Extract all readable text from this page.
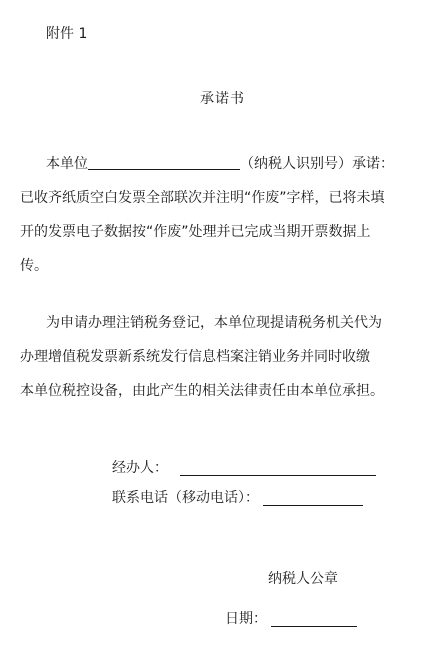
附件 1
承诺书
本单位	（纳税人识别号）承诺：
已收齐纸质空白发票全部联次并注明“作废”字样，已将未填
开的发票电子数据按“作废”处理并已完成当期开票数据上
传。
为申请办理注销税务登记，本单位现提请税务机关代为
办理增值税发票新系统发行信息档案注销业务并同时收缴
本单位税控设备，由此产生的相关法律责任由本单位承担。
经办人：
联系电话（移动电话）：
纳税人公章
日期：
